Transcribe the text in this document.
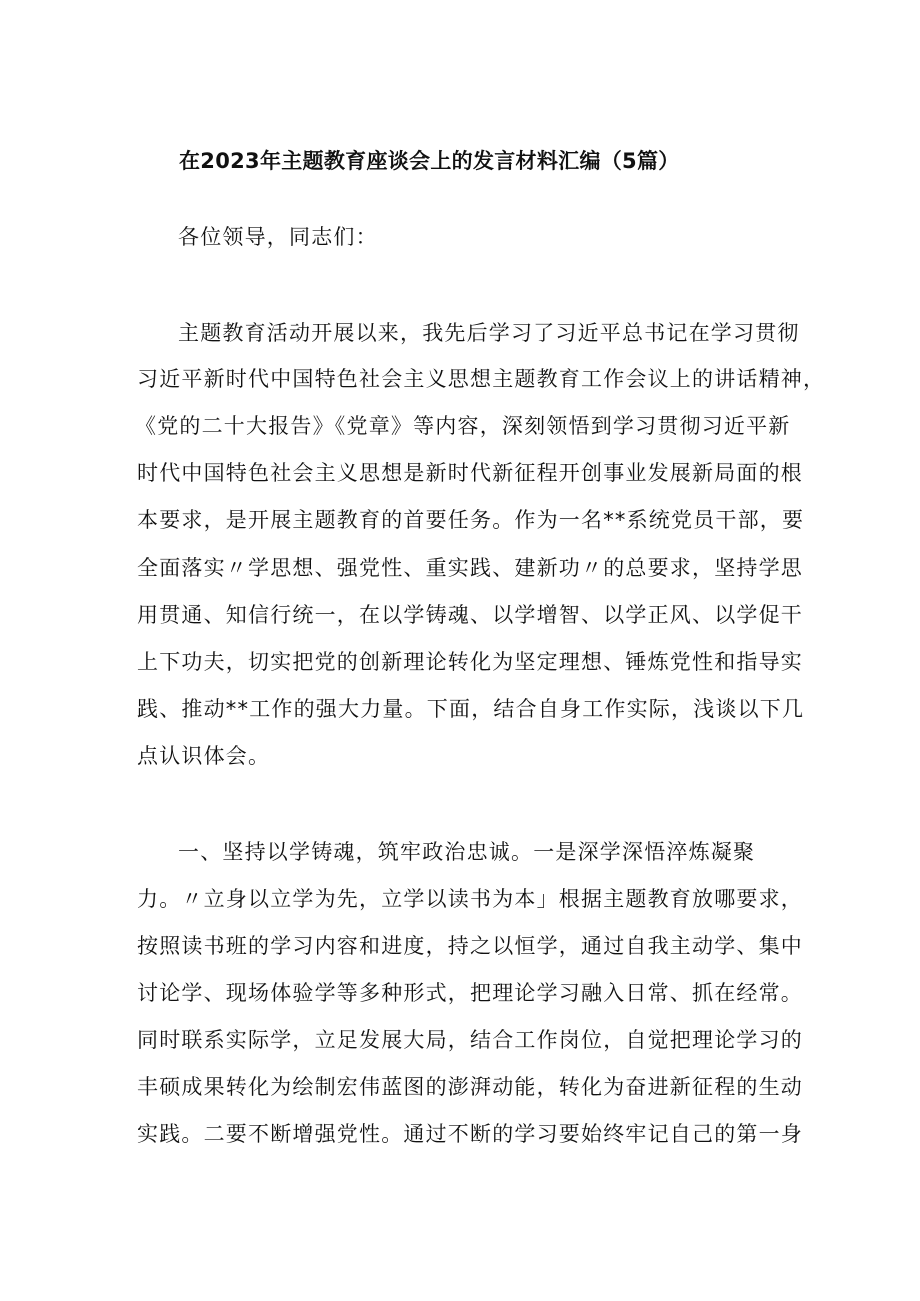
在2023年主题教育座谈会上的发言材料汇编（5篇）
各位领导，同志们：
主题教育活动开展以来，我先后学习了习近平总书记在学习贯彻
习近平新时代中国特色社会主义思想主题教育工作会议上的讲话精神，
《党的二十大报告》《党章》等内容，深刻领悟到学习贯彻习近平新
时代中国特色社会主义思想是新时代新征程开创事业发展新局面的根
本要求，是开展主题教育的首要任务。作为一名**系统党员干部，要
全面落实〃学思想、强党性、重实践、建新功〃的总要求，坚持学思
用贯通、知信行统一，在以学铸魂、以学增智、以学正风、以学促干
上下功夫，切实把党的创新理论转化为坚定理想、锤炼党性和指导实
践、推动**工作的强大力量。下面，结合自身工作实际，浅谈以下几
点认识体会。
一、坚持以学铸魂，筑牢政治忠诚。一是深学深悟淬炼凝聚
力。〃立身以立学为先，立学以读书为本」根据主题教育放哪要求，
按照读书班的学习内容和进度，持之以恒学，通过自我主动学、集中
讨论学、现场体验学等多种形式，把理论学习融入日常、抓在经常。
同时联系实际学，立足发展大局，结合工作岗位，自觉把理论学习的
丰硕成果转化为绘制宏伟蓝图的澎湃动能，转化为奋进新征程的生动
实践。二要不断增强党性。通过不断的学习要始终牢记自己的第一身
